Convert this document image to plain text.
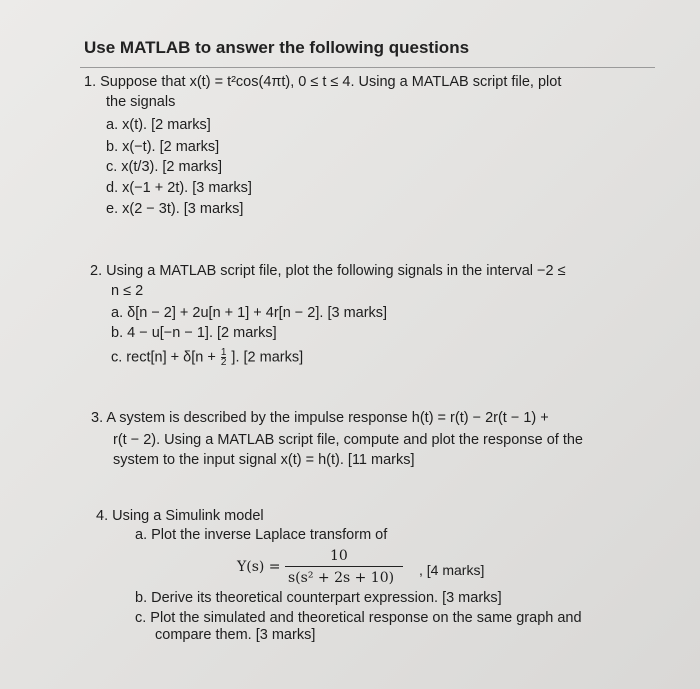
Use MATLAB to answer the following questions
1. Suppose that x(t) = t²cos(4πt), 0 ≤ t ≤ 4. Using a MATLAB script file, plot
the signals
a. x(t). [2 marks]
b. x(−t). [2 marks]
c. x(t/3). [2 marks]
d. x(−1 + 2t). [3 marks]
e. x(2 − 3t). [3 marks]
2. Using a MATLAB script file, plot the following signals in the interval −2 ≤
n ≤ 2
a. δ[n − 2] + 2u[n + 1] + 4r[n − 2]. [3 marks]
b. 4 − u[−n − 1]. [2 marks]
c. rect[n] + $\delta[n + \frac{1}{2}$ ]. [2 marks]
3. A system is described by the impulse response h(t) = r(t) − 2r(t − 1) +
r(t − 2). Using a MATLAB script file, compute and plot the response of the
system to the input signal x(t) = h(t). [11 marks]
4. Using a Simulink model
a. Plot the inverse Laplace transform of
Y(s) =
10
s(s² + 2s + 10) , [4 marks]
b. Derive its theoretical counterpart expression. [3 marks]
c. Plot the simulated and theoretical response on the same graph and
compare them. [3 marks]
